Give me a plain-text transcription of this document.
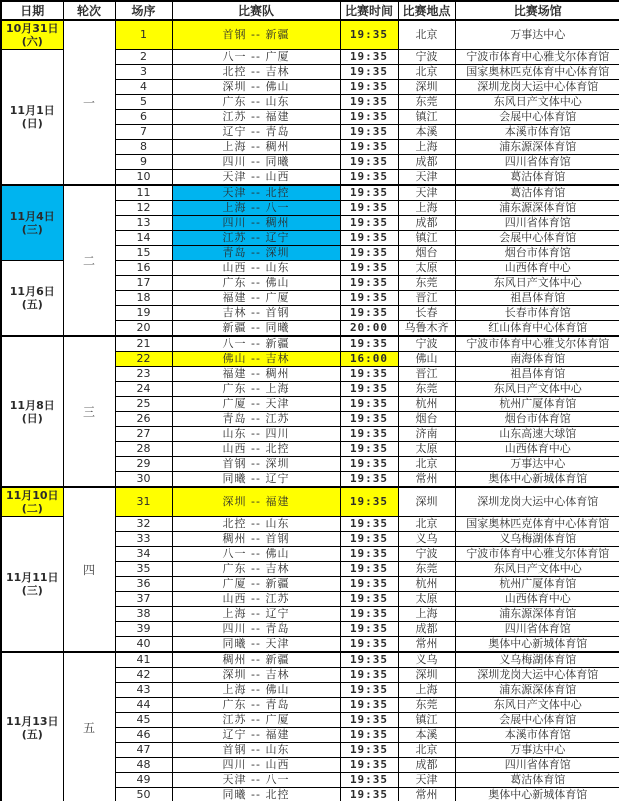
日期	轮次	场序	比赛队	比赛时间	比赛地点	比赛场馆

10月31日
(六)	一	1	首钢 -- 新疆	19:35	北京	万事达中心

11月1日
(日)		2	八一 -- 广厦	19:35	宁波	宁波市体育中心雅戈尔体育馆
		3	北控 -- 吉林	19:35	北京	国家奥林匹克体育中心体育馆
		4	深圳 -- 佛山	19:35	深圳	深圳龙岗大运中心体育馆
		5	广东 -- 山东	19:35	东莞	东风日产文体中心
		6	江苏 -- 福建	19:35	镇江	会展中心体育馆
		7	辽宁 -- 青岛	19:35	本溪	本溪市体育馆
		8	上海 -- 稠州	19:35	上海	浦东源深体育馆
		9	四川 -- 同曦	19:35	成都	四川省体育馆
		10	天津 -- 山西	19:35	天津	葛沽体育馆

11月4日
(三)	二	11	天津 -- 北控	19:35	天津	葛沽体育馆
		12	上海 -- 八一	19:35	上海	浦东源深体育馆
		13	四川 -- 稠州	19:35	成都	四川省体育馆
		14	江苏 -- 辽宁	19:35	镇江	会展中心体育馆
		15	青岛 -- 深圳	19:35	烟台	烟台市体育馆

11月6日
(五)		16	山西 -- 山东	19:35	太原	山西体育中心
		17	广东 -- 佛山	19:35	东莞	东风日产文体中心
		18	福建 -- 广厦	19:35	晋江	祖昌体育馆
		19	吉林 -- 首钢	19:35	长春	长春市体育馆
		20	新疆 -- 同曦	20:00	乌鲁木齐	红山体育中心体育馆

11月8日
(日)	三	21	八一 -- 新疆	19:35	宁波	宁波市体育中心雅戈尔体育馆
		22	佛山 -- 吉林	16:00	佛山	南海体育馆
		23	福建 -- 稠州	19:35	晋江	祖昌体育馆
		24	广东 -- 上海	19:35	东莞	东风日产文体中心
		25	广厦 -- 天津	19:35	杭州	杭州广厦体育馆
		26	青岛 -- 江苏	19:35	烟台	烟台市体育馆
		27	山东 -- 四川	19:35	济南	山东高速大球馆
		28	山西 -- 北控	19:35	太原	山西体育中心
		29	首钢 -- 深圳	19:35	北京	万事达中心
		30	同曦 -- 辽宁	19:35	常州	奥体中心新城体育馆

11月10日
(二)	四	31	深圳 -- 福建	19:35	深圳	深圳龙岗大运中心体育馆

11月11日
(三)		32	北控 -- 山东	19:35	北京	国家奥林匹克体育中心体育馆
		33	稠州 -- 首钢	19:35	义乌	义乌梅湖体育馆
		34	八一 -- 佛山	19:35	宁波	宁波市体育中心雅戈尔体育馆
		35	广东 -- 吉林	19:35	东莞	东风日产文体中心
		36	广厦 -- 新疆	19:35	杭州	杭州广厦体育馆
		37	山西 -- 江苏	19:35	太原	山西体育中心
		38	上海 -- 辽宁	19:35	上海	浦东源深体育馆
		39	四川 -- 青岛	19:35	成都	四川省体育馆
		40	同曦 -- 天津	19:35	常州	奥体中心新城体育馆

11月13日
(五)	五	41	稠州 -- 新疆	19:35	义乌	义乌梅湖体育馆
		42	深圳 -- 吉林	19:35	深圳	深圳龙岗大运中心体育馆
		43	上海 -- 佛山	19:35	上海	浦东源深体育馆
		44	广东 -- 青岛	19:35	东莞	东风日产文体中心
		45	江苏 -- 广厦	19:35	镇江	会展中心体育馆
		46	辽宁 -- 福建	19:35	本溪	本溪市体育馆
		47	首钢 -- 山东	19:35	北京	万事达中心
		48	四川 -- 山西	19:35	成都	四川省体育馆
		49	天津 -- 八一	19:35	天津	葛沽体育馆
		50	同曦 -- 北控	19:35	常州	奥体中心新城体育馆
